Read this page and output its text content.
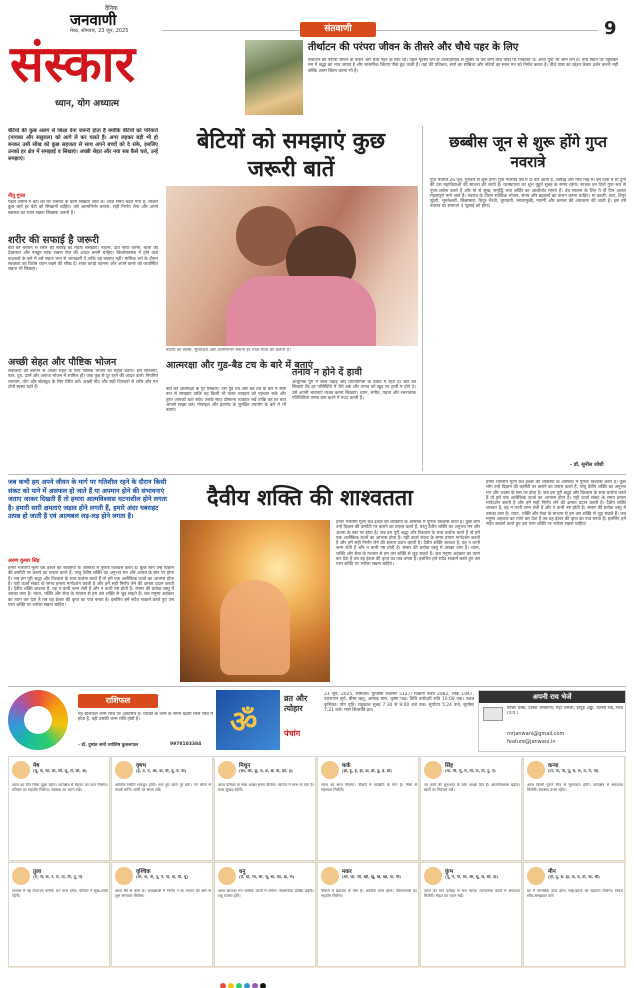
दैनिक
जनवाणी
मेरठ, सोमवार, 23 जून, 2025
संस्कार
ध्यान, योग अध्यात्म
संतवाणी	9
तीर्थाटन की परंपरा जीवन के तीसरे और चौथे पहर के लिए
तीर्थाटन की परंपरा जीवन के तीसरे और चौथे पहर के लिए थी। पहले गृहस्थ धर्म के उत्तरदायित्व से मुक्ति पा कर लोग तीर्थ यात्रा पर निकलते थे। आज युवा भी जाने लगे हैं। तीर्थ स्थान पर पहुंचकर मन में श्रद्धा का भाव जगता है और सांसारिक चिंताएं पीछे छूट जाती हैं। वहां की पवित्रता, संतों का सान्निध्य और नदियों का स्नान मन को निर्मल करता है। तीर्थ यात्रा का उद्देश्य केवल दर्शन करना नहीं बल्कि आत्म चिंतन करना भी है।
बेटियों की कुछ अलग से शिक्षा देना जरूरी होता है क्योंकि बेटियों को परिवारों (मायका और ससुराल) को आगे ले कर चलते हैं। अगर लड़कर बड़ी भी हो बनकर उसी सीख को कुछ सहजता से साथ अपने बच्चों को दे सके, इसलिए उनको हर क्षेत्र में समझाई व सिखाएं। अच्छी सेहत और नया सब कैसे चले, उन्हें समझाएं।
नीतू गुप्ता
पहले जमाने में बेटी को घर जरूरत के काम सिखाए जाते थे। आज समय बदल गया है, लेकिन कुछ बातें हर बेटी को सिखानी चाहिए। उसे आत्मनिर्भर बनाना, सही निर्णय लेना और अपने स्वास्थ्य का ध्यान रखना सिखाना जरूरी है।
बेटियों को समझाएं कुछ
जरूरी बातें
शरीर की सफाई है जरूरी
बेटी को बचपन से शरीर की सफाई का महत्व समझाएं। नहाना, दांत साफ करना, बालों की देखभाल और नाखून साफ रखना रोज की आदत बननी चाहिए। किशोरावस्था में होने वाले बदलावों के बारे में उसे सहज भाव से जानकारी दें ताकि वह घबराए नहीं। मासिक धर्म के दौरान स्वच्छता का विशेष ध्यान रखने की सीख दें। साफ कपड़े पहनना और अपने कमरे को व्यवस्थित रखना भी सिखाएं।
अच्छी सेहत और पौष्टिक भोजन
लड़कियों को बचपन से अच्छी सेहत के लिए पौष्टिक भोजन का महत्व बताएं। हरी सब्जियां, फल, दूध, दालें और अनाज भोजन में शामिल हों। जंक फूड से दूर रहने की आदत डालें। नियमित व्यायाम, योग और खेलकूद के लिए प्रेरित करें। अच्छी नींद और सही दिनचर्या से शरीर और मन दोनों स्वस्थ रहते हैं।
बेटियों को स्वस्थ, सुशिक्षित और आत्मनिर्भर बनाना हर माता-पिता का कर्तव्य है।
आत्मरक्षा और गुड-बैड टच के बारे में बताएं
बेटी को आत्मरक्षा के गुर सिखाएं। उसे गुड टच और बैड टच के बारे में स्पष्ट रूप से समझाएं ताकि वह किसी भी गलत व्यवहार को पहचान सके और तुरंत आपको बता सके। उसके साथ दोस्ताना व्यवहार रखें ताकि वह हर बात आपसे साझा करे। मोबाइल और इंटरनेट के सुरक्षित उपयोग के बारे में भी बताएं।
तनाव न होने दें हावी
आधुनिक युग में बच्चे पढ़ाई और प्रतियोगिता के दबाव में रहते हैं। बेटी को सिखाएं कि हर परिस्थिति में धैर्य रखे और तनाव को खुद पर हावी न होने दे। उसे अपनी भावनाएं व्यक्त करना सिखाएं। ध्यान, संगीत, पढ़ना और रचनात्मक गतिविधियां तनाव कम करने में मदद करती हैं।
छब्बीस जून से शुरू होंगे गुप्त नवरात्रे
गुप्त नवरात्र 26 जून, गुरुवार से शुरू होंगे। गुप्त नवरात्रि वर्ष में दो बार आती है, आषाढ़ और माघ माह में। इन दिनों में मां दुर्गा की दस महाविद्याओं की साधना की जाती है। घटस्थापना का शुभ मुहूर्त सुबह के समय रहेगा। साधक इन दिनों गुप्त रूप से पूजा-अर्चना करते हैं और मां से सुख, समृद्धि तथा शक्ति का आशीर्वाद मांगते हैं। तंत्र साधना के लिए ये नौ दिन अत्यंत महत्वपूर्ण माने जाते हैं। नवरात्र के दौरान सात्विक भोजन, संयम और ब्रह्मचर्य का पालन करना चाहिए। मां काली, तारा, त्रिपुर सुंदरी, भुवनेश्वरी, छिन्नमस्ता, त्रिपुर भैरवी, धूमावती, बगलामुखी, मातंगी और कमला की आराधना की जाती है। इस वर्ष नवरात्र का समापन 4 जुलाई को होगा।
- डॉ. सुनील जोशी
जब कभी हम अपने जीवन के मार्ग पर गतिशील रहने के दौरान किसी संकट को पाने में असफल हो जाते हैं या अपमान होने की संभावनाएं जताए जाकर दिखती हैं तो हमारा आत्मविश्वास घटनाशील होने लगता है। हमारी सारी क्षमताएं जड़ाव होने लगती हैं, हमारे अंदर घबराहट उत्पन्न हो जाती है एवं आत्मबल लड़-लड़ होने लगता है।
दैवीय शक्ति की शाश्वतता
अरुण कुमार सिंह
हमारे भारतीय मूल्य ग्रंथ ईश्वर की शक्तियों के अस्तित्व में पूर्णतः विश्वास करते हैं। कुछ लोग उन्हें विज्ञान की कसौटी पर कसने का प्रयास करते हैं, परंतु दैवीय शक्ति का अनुभव मन और आत्मा के स्तर पर होता है। जब हम पूरी श्रद्धा और विश्वास के साथ प्रार्थना करते हैं तो हमें एक अलौकिक ऊर्जा का आभास होता है। यही ऊर्जा संकट के समय हमारा मार्गदर्शन करती है और हमें सही निर्णय लेने की क्षमता प्रदान करती है। दैवीय शक्ति शाश्वत है, वह न कभी जन्म लेती है और न कभी नष्ट होती है। संसार की प्रत्येक वस्तु में उसका वास है। ध्यान, भक्ति और सेवा के माध्यम से हम उस शक्ति से जुड़ सकते हैं। जब मनुष्य अहंकार का त्याग कर देता है तब वह ईश्वर की कृपा का पात्र बनता है। इसलिए हमें सदैव सत्कर्म करते हुए उस परम शक्ति पर भरोसा रखना चाहिए।
हमारे भारतीय मूल्य ग्रंथ ईश्वर की शक्तियों के अस्तित्व में पूर्णतः विश्वास करते हैं। कुछ लोग उन्हें विज्ञान की कसौटी पर कसने का प्रयास करते हैं, परंतु दैवीय शक्ति का अनुभव मन और आत्मा के स्तर पर होता है। जब हम पूरी श्रद्धा और विश्वास के साथ प्रार्थना करते हैं तो हमें एक अलौकिक ऊर्जा का आभास होता है। यही ऊर्जा संकट के समय हमारा मार्गदर्शन करती है और हमें सही निर्णय लेने की क्षमता प्रदान करती है। दैवीय शक्ति शाश्वत है, वह न कभी जन्म लेती है और न कभी नष्ट होती है। संसार की प्रत्येक वस्तु में उसका वास है। ध्यान, भक्ति और सेवा के माध्यम से हम उस शक्ति से जुड़ सकते हैं। जब मनुष्य अहंकार का त्याग कर देता है तब वह ईश्वर की कृपा का पात्र बनता है। इसलिए हमें सदैव सत्कर्म करते हुए उस परम शक्ति पर भरोसा रखना चाहिए।
हमारे भारतीय मूल्य ग्रंथ ईश्वर की शक्तियों के अस्तित्व में पूर्णतः विश्वास करते हैं। कुछ लोग उन्हें विज्ञान की कसौटी पर कसने का प्रयास करते हैं, परंतु दैवीय शक्ति का अनुभव मन और आत्मा के स्तर पर होता है। जब हम पूरी श्रद्धा और विश्वास के साथ प्रार्थना करते हैं तो हमें एक अलौकिक ऊर्जा का आभास होता है। यही ऊर्जा संकट के समय हमारा मार्गदर्शन करती है और हमें सही निर्णय लेने की क्षमता प्रदान करती है। दैवीय शक्ति शाश्वत है, वह न कभी जन्म लेती है और न कभी नष्ट होती है। संसार की प्रत्येक वस्तु में उसका वास है। ध्यान, भक्ति और सेवा के माध्यम से हम उस शक्ति से जुड़ सकते हैं। जब मनुष्य अहंकार का त्याग कर देता है तब वह ईश्वर की कृपा का पात्र बनता है। इसलिए हमें सदैव सत्कर्म करते हुए उस परम शक्ति पर भरोसा रखना चाहिए।
राशिफल
यह राशिफल जन्म राशि पर आधारित है। व्यक्ति के जन्म के समय चंद्रमा जिस राशि में होता है, वही उसकी जन्म राशि होती है।
- डॉ. दुष्यंत शर्मा ज्योतिष कुशलपाल	9978103384
ॐ
व्रत और त्योहार
पंचांग
23 जून, 2025, सोमवार। युधिष्ठिर संवत्सर 5127। विक्रमी संवत 2082, शाके 1947, उत्तरायण सूर्य, ग्रीष्म ऋतु, आषाढ़ मास, कृष्ण पक्ष। तिथि त्रयोदशी रात्रि 10:09 तक। नक्षत्र कृत्तिका। योग धृति। राहुकाल सुबह 7:30 से 9:00 बजे तक। सूर्योदय 5:24 बजे, सूर्यास्त 7:21 बजे। मास शिवरात्रि व्रत।
अपनी राय भेजें
फीचर डेस्क, दैनिक जनवाणी, मेट्रो प्लाजा, हापुड़ अड्डा, दिल्ली रोड, मेरठ (उ.प्र.)
mrjanwani@gmail.com
feature@janwani.in
मेष
(चू, चे, चो, ला, ली, लू, ले, लो, अ)
आज का दिन मिला-जुला रहेगा। कार्यक्षेत्र में मेहनत का फल मिलेगा। परिवार का सहयोग मिलेगा। स्वास्थ्य का ध्यान रखें।
वृषभ
(इ, उ, ए, ओ, वा, वी, वू, वे, वो)
आर्थिक स्थिति मजबूत होगी। रुके हुए कार्य पूरे होंगे। नए लोगों से संपर्क बनेंगे। वाणी पर संयम रखें।
मिथुन
(का, की, कू, घ, ङ, छ, के, को, ह)
आज परिवार के साथ अच्छा समय बीतेगा। व्यापार में लाभ के योग हैं। यात्रा सुखद रहेगी।
कर्क
(ही, हू, हे, हो, डा, डी, डू, डे, डो)
भाग्य का साथ मिलेगा। नौकरी में पदोन्नति के योग हैं। मित्रों से सहायता मिलेगी।
सिंह
(मा, मी, मू, मे, मो, टा, टी, टू, टे)
नए कार्य की शुरुआत के लिए अच्छा दिन है। आत्मविश्वास बढ़ेगा। खर्चों पर नियंत्रण रखें।
कन्या
(टो, पा, पी, पू, ष, ण, ठ, पे, पो)
आज किसी पुराने मित्र से मुलाकात होगी। कार्यक्षेत्र में सफलता मिलेगी। स्वास्थ्य उत्तम रहेगा।
तुला
(रा, री, रू, रे, रो, ता, ती, तू, ते)
व्यापार में नई योजनाएं बनेंगी। धन लाभ होगा। परिवार में सुख-शांति रहेगी।
वृश्चिक
(तो, ना, नी, नू, ने, नो, या, यी, यू)
आज धैर्य से काम लें। जल्दबाजी में निर्णय न लें। संतान की ओर से शुभ समाचार मिलेगा।
धनु
(ये, यो, भा, भी, भू, धा, फा, ढा, भे)
आज आपका मन धार्मिक कार्यों में लगेगा। सामाजिक प्रतिष्ठा बढ़ेगी। शत्रु परास्त होंगे।
मकर
(भो, जा, जी, खी, खू, खे, खो, गा, गी)
नौकरी में बदलाव के योग हैं। आर्थिक लाभ होगा। जीवनसाथी का सहयोग मिलेगा।
कुंभ
(गू, गे, गो, सा, सी, सू, से, सो, दा)
आज का दिन उत्साह से भरा रहेगा। रचनात्मक कार्यों में सफलता मिलेगी। सेहत का ध्यान रखें।
मीन
(दी, दू, थ, झ, ञ, दे, दो, चा, ची)
घर में मांगलिक कार्य होंगे। भाई-बहनों का सहयोग मिलेगा। निवेश सोच-समझकर करें।
